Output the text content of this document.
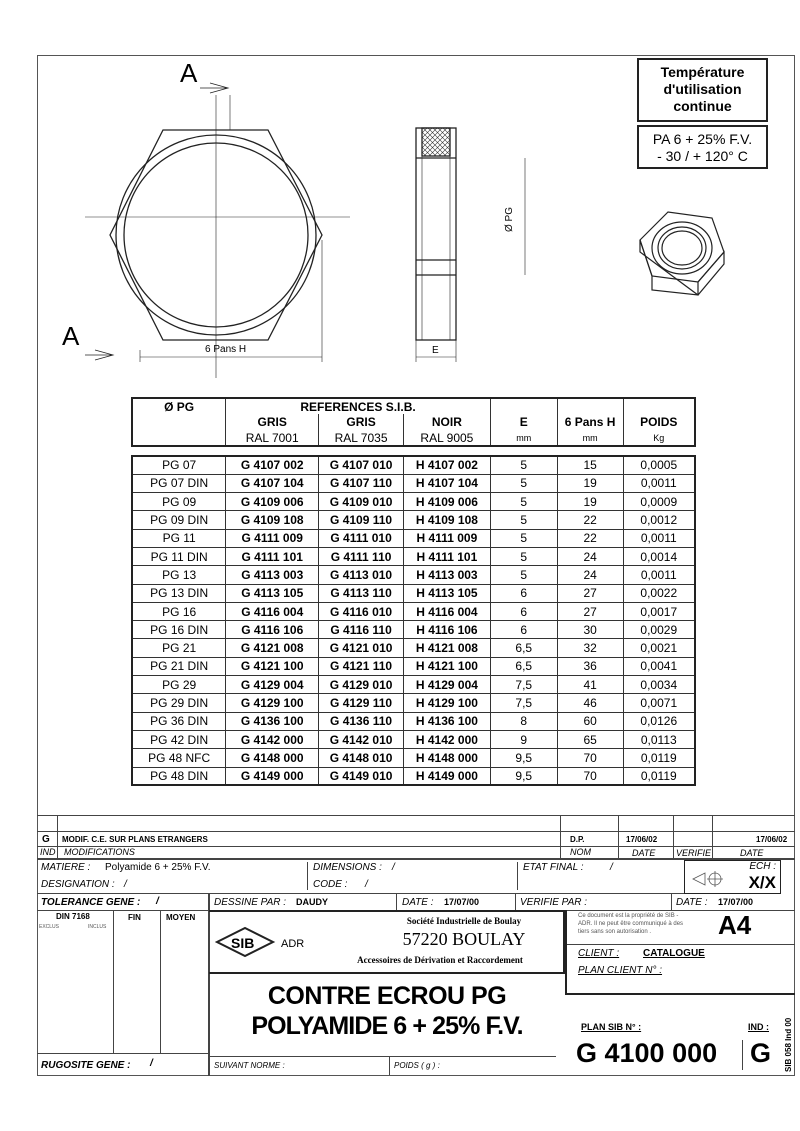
Température
d'utilisation
continue
PA 6 + 25% F.V.
- 30 / + 120° C
A
A	6 Pans H	E
Ø PG
Ø PG	REFERENCES S.I.B.					
	GRIS	GRIS	NOIR	E	6 Pans H	POIDS
	RAL 7001	RAL 7035	RAL 9005	mm	mm	Kg
PG 07	G 4107 002	G 4107 010	H 4107 002	5	15	0,0005
PG 07 DIN	G 4107 104	G 4107 110	H 4107 104	5	19	0,0011
PG 09	G 4109 006	G 4109 010	H 4109 006	5	19	0,0009
PG 09 DIN	G 4109 108	G 4109 110	H 4109 108	5	22	0,0012
PG 11	G 4111 009	G 4111 010	H 4111 009	5	22	0,0011
PG 11 DIN	G 4111 101	G 4111 110	H 4111 101	5	24	0,0014
PG 13	G 4113 003	G 4113 010	H 4113 003	5	24	0,0011
PG 13 DIN	G 4113 105	G 4113 110	H 4113 105	6	27	0,0022
PG 16	G 4116 004	G 4116 010	H 4116 004	6	27	0,0017
PG 16 DIN	G 4116 106	G 4116 110	H 4116 106	6	30	0,0029
PG 21	G 4121 008	G 4121 010	H 4121 008	6,5	32	0,0021
PG 21 DIN	G 4121 100	G 4121 110	H 4121 100	6,5	36	0,0041
PG 29	G 4129 004	G 4129 010	H 4129 004	7,5	41	0,0034
PG 29 DIN	G 4129 100	G 4129 110	H 4129 100	7,5	46	0,0071
PG 36 DIN	G 4136 100	G 4136 110	H 4136 100	8	60	0,0126
PG 42 DIN	G 4142 000	G 4142 010	H 4142 000	9	65	0,0113
PG 48 NFC	G 4148 000	G 4148 010	H 4148 000	9,5	70	0,0119
PG 48 DIN	G 4149 000	G 4149 010	H 4149 000	9,5	70	0,0119
G MODIF. C.E. SUR PLANS ETRANGERS	D.P.	17/06/02	17/06/02
IND MODIFICATIONS	NOM	DATE VERIFIE	DATE
MATIERE : Polyamide 6 + 25% F.V.
DESIGNATION : /
DIMENSIONS : /
CODE : /
ETAT FINAL :	/	ECH :
X/X
TOLERANCE GENE : /	DESSINE PAR : DAUDY	DATE : 17/07/00	VERIFIE PAR :	DATE : 17/07/00
DIN 7168
EXCLUS	INCLUS
FIN	MOYEN
RUGOSITE GENE : /
SIB ADR
Société Industrielle de Boulay
57220 BOULAY
Accessoires de Dérivation et Raccordement
CONTRE ECROU PG
POLYAMIDE 6 + 25% F.V.
SUIVANT NORME :	POIDS ( g ) :
Ce document est la propriété de SIB - ADR. Il ne peut être communiqué à des tiers sans son autorisation .	A4
CLIENT : CATALOGUE
PLAN CLIENT N° :
PLAN SIB N° :	IND :
G 4100 000 G SIB 058 Ind 00
